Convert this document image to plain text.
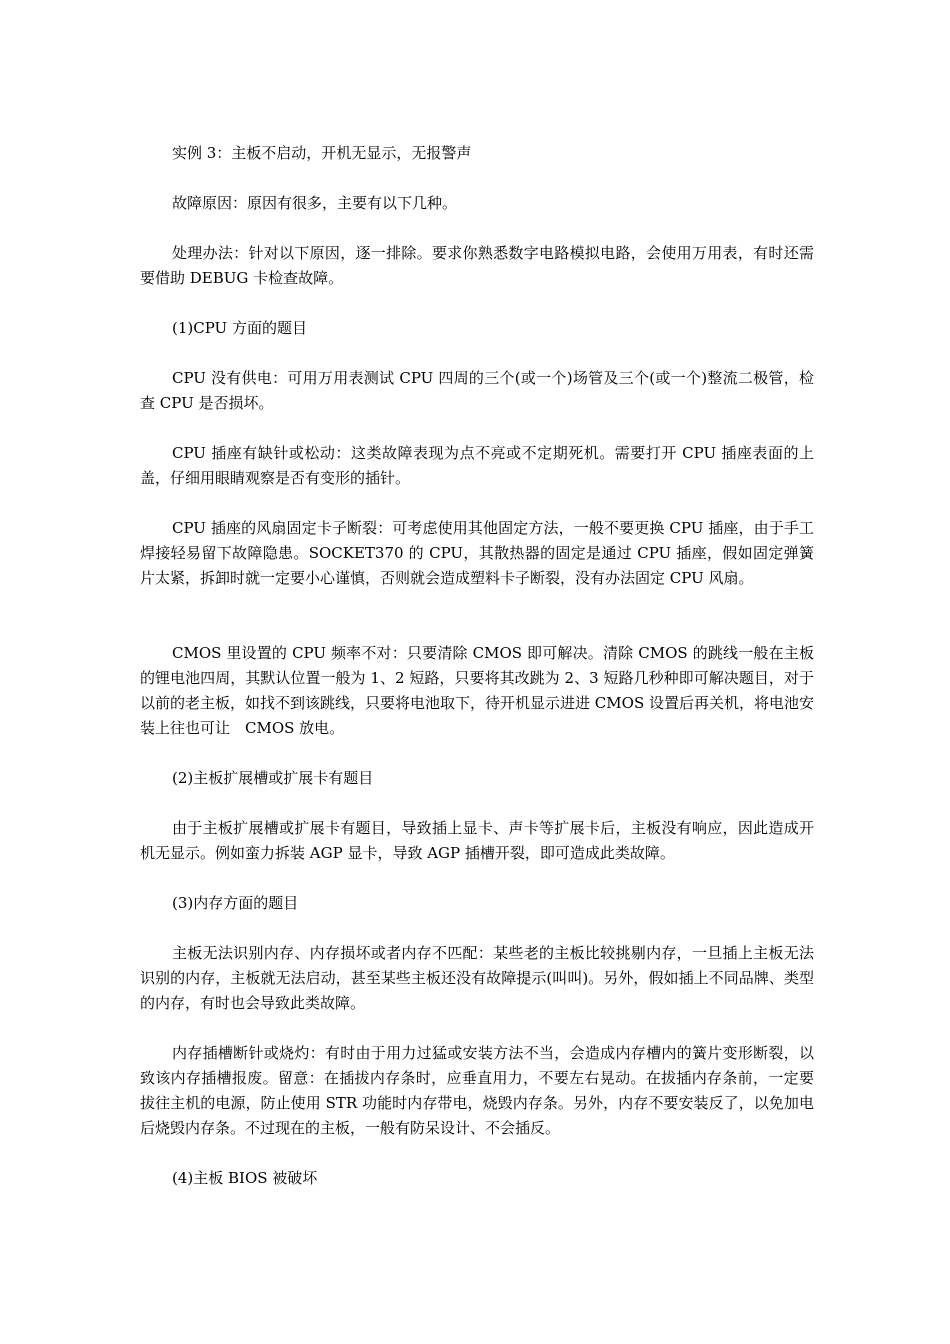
实例 3：主板不启动，开机无显示，无报警声

故障原因：原因有很多，主要有以下几种。

处理办法：针对以下原因，逐一排除。要求你熟悉数字电路模拟电路，会使用万用表，有时还需要借助 DEBUG 卡检查故障。

(1)CPU 方面的题目

CPU 没有供电：可用万用表测试 CPU 四周的三个(或一个)场管及三个(或一个)整流二极管，检查 CPU 是否损坏。

CPU 插座有缺针或松动：这类故障表现为点不亮或不定期死机。需要打开 CPU 插座表面的上盖，仔细用眼睛观察是否有变形的插针。

CPU 插座的风扇固定卡子断裂：可考虑使用其他固定方法，一般不要更换 CPU 插座，由于手工焊接轻易留下故障隐患。SOCKET370 的 CPU，其散热器的固定是通过 CPU 插座，假如固定弹簧片太紧，拆卸时就一定要小心谨慎，否则就会造成塑料卡子断裂，没有办法固定 CPU 风扇。

CMOS 里设置的 CPU 频率不对：只要清除 CMOS 即可解决。清除 CMOS 的跳线一般在主板的锂电池四周，其默认位置一般为 1、2 短路，只要将其改跳为 2、3 短路几秒种即可解决题目，对于以前的老主板，如找不到该跳线，只要将电池取下，待开机显示进进 CMOS 设置后再关机，将电池安装上往也可让　CMOS 放电。

(2)主板扩展槽或扩展卡有题目

由于主板扩展槽或扩展卡有题目，导致插上显卡、声卡等扩展卡后，主板没有响应，因此造成开机无显示。例如蛮力拆装 AGP 显卡，导致 AGP 插槽开裂，即可造成此类故障。

(3)内存方面的题目

主板无法识别内存、内存损坏或者内存不匹配：某些老的主板比较挑剔内存，一旦插上主板无法识别的内存，主板就无法启动，甚至某些主板还没有故障提示(叫叫)。另外，假如插上不同品牌、类型的内存，有时也会导致此类故障。

内存插槽断针或烧灼：有时由于用力过猛或安装方法不当，会造成内存槽内的簧片变形断裂，以致该内存插槽报废。留意：在插拔内存条时，应垂直用力，不要左右晃动。在拔插内存条前，一定要拔往主机的电源，防止使用 STR 功能时内存带电，烧毁内存条。另外，内存不要安装反了，以免加电后烧毁内存条。不过现在的主板，一般有防呆设计、不会插反。

(4)主板 BIOS 被破坏
